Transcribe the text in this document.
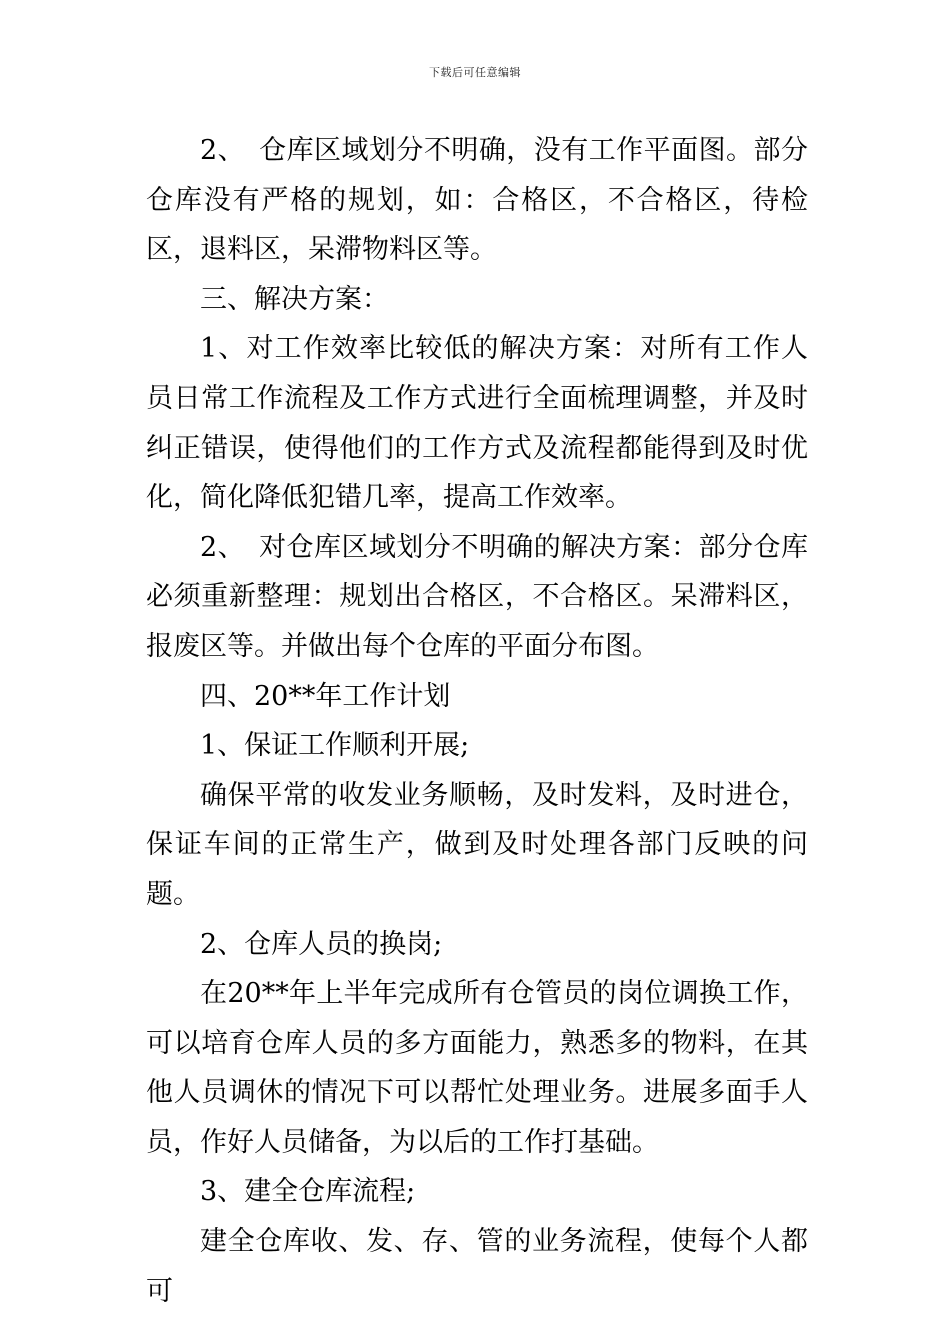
下载后可任意编辑

2、　仓库区域划分不明确，没有工作平面图。部分仓库没有严格的规划，如：合格区，不合格区，待检区，退料区，呆滞物料区等。

三、解决方案：

1、对工作效率比较低的解决方案：对所有工作人员日常工作流程及工作方式进行全面梳理调整，并及时纠正错误，使得他们的工作方式及流程都能得到及时优化，简化降低犯错几率，提高工作效率。

2、　对仓库区域划分不明确的解决方案：部分仓库必须重新整理：规划出合格区，不合格区。呆滞料区，报废区等。并做出每个仓库的平面分布图。

四、20**年工作计划

1、保证工作顺利开展;

确保平常的收发业务顺畅，及时发料，及时进仓，保证车间的正常生产，做到及时处理各部门反映的问题。

2、仓库人员的换岗;

在20**年上半年完成所有仓管员的岗位调换工作，可以培育仓库人员的多方面能力，熟悉多的物料，在其他人员调休的情况下可以帮忙处理业务。进展多面手人员，作好人员储备，为以后的工作打基础。

3、建全仓库流程;

建全仓库收、发、存、管的业务流程，使每个人都可
